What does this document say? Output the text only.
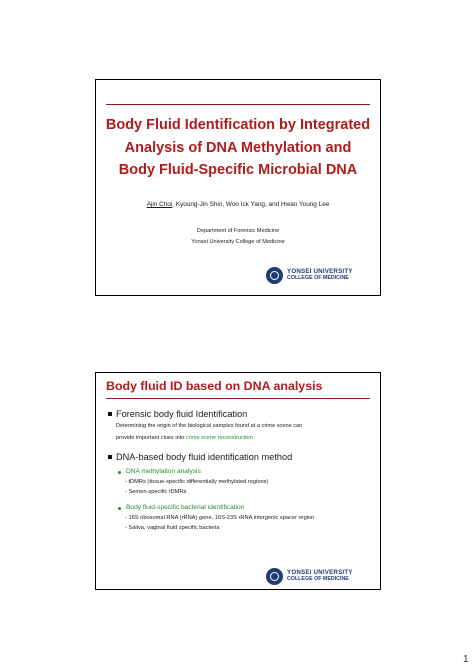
Body Fluid Identification by Integrated
Analysis of DNA Methylation and
Body Fluid-Specific Microbial DNA
Ajin Choi, Kyoung-Jin Shin, Woo Ick Yang, and Hwan Young Lee
Department of Forensic Medicine
Yonsei University College of Medicine
YONSEI UNIVERSITY
COLLEGE OF MEDICINE
Body fluid ID based on DNA analysis
Forensic body fluid Identification
Determining the origin of the biological samples found at a crime scene can
provide important clues into crime scene reconstruction
DNA-based body fluid identification method
DNA methylation analysis
- tDMRs (tissue-specific differentially methylated regions)
- Semen-specific tDMRs
Body fluid-specific bacterial identification
- 16S ribosomal RNA (rRNA) gene, 16S-23S rRNA intergenic spacer region
- Saliva, vaginal fluid specific bacteria
YONSEI UNIVERSITY
COLLEGE OF MEDICINE
1
